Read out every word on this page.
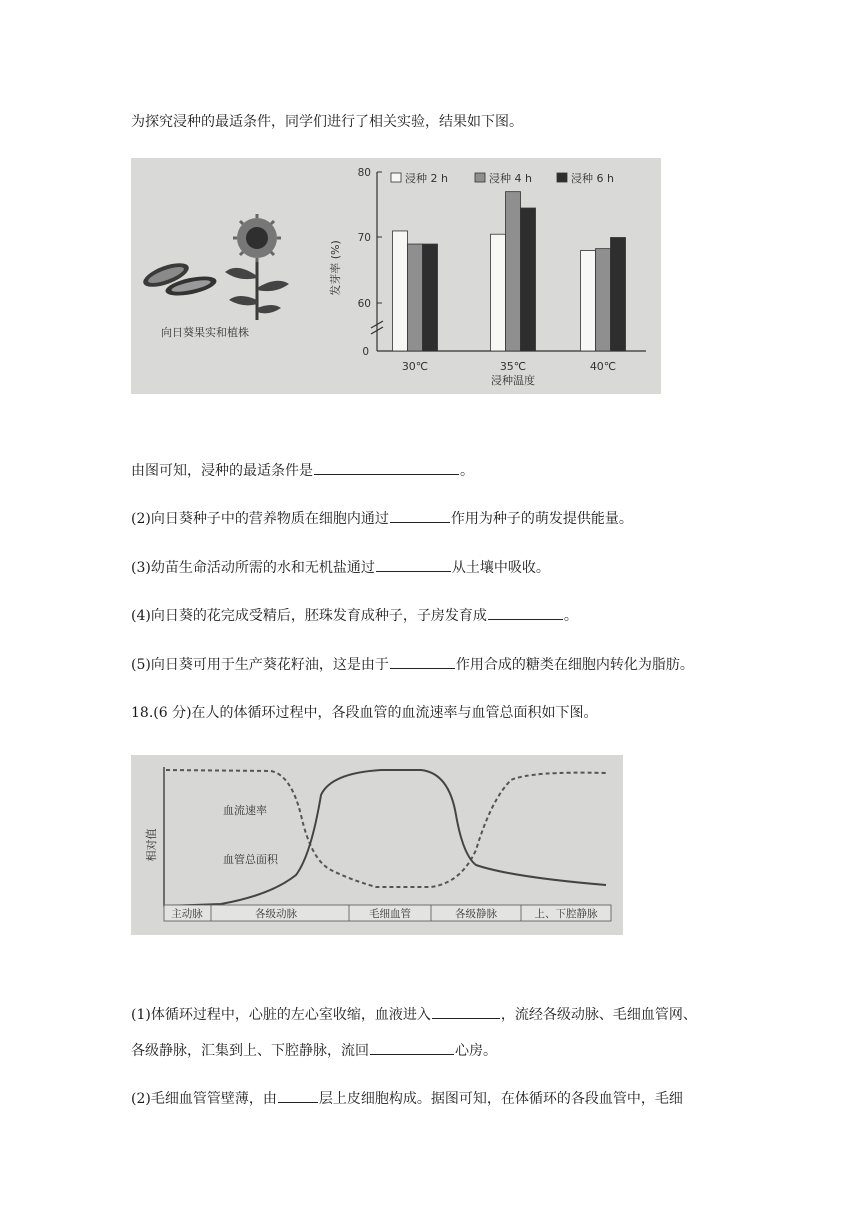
为探究浸种的最适条件，同学们进行了相关实验，结果如下图。
向日葵果实和植株
发芽率 (%)
80
70
60
0
浸种 2 h	浸种 4 h	浸种 6 h
30℃	35℃	40℃
浸种温度
由图可知，浸种的最适条件是	。
(2)向日葵种子中的营养物质在细胞内通过	作用为种子的萌发提供能量。
(3)幼苗生命活动所需的水和无机盐通过	从土壤中吸收。
(4)向日葵的花完成受精后，胚珠发育成种子，子房发育成	。
(5)向日葵可用于生产葵花籽油，这是由于	作用合成的糖类在细胞内转化为脂肪。
18.(6 分)在人的体循环过程中，各段血管的血流速率与血管总面积如下图。
相对值
血流速率
血管总面积
主动脉	各级动脉	毛细血管	各级静脉	上、下腔静脉
(1)体循环过程中，心脏的左心室收缩，血液进入	，流经各级动脉、毛细血管网、
各级静脉，汇集到上、下腔静脉，流回	心房。
(2)毛细血管管壁薄，由	层上皮细胞构成。据图可知，在体循环的各段血管中，毛细
